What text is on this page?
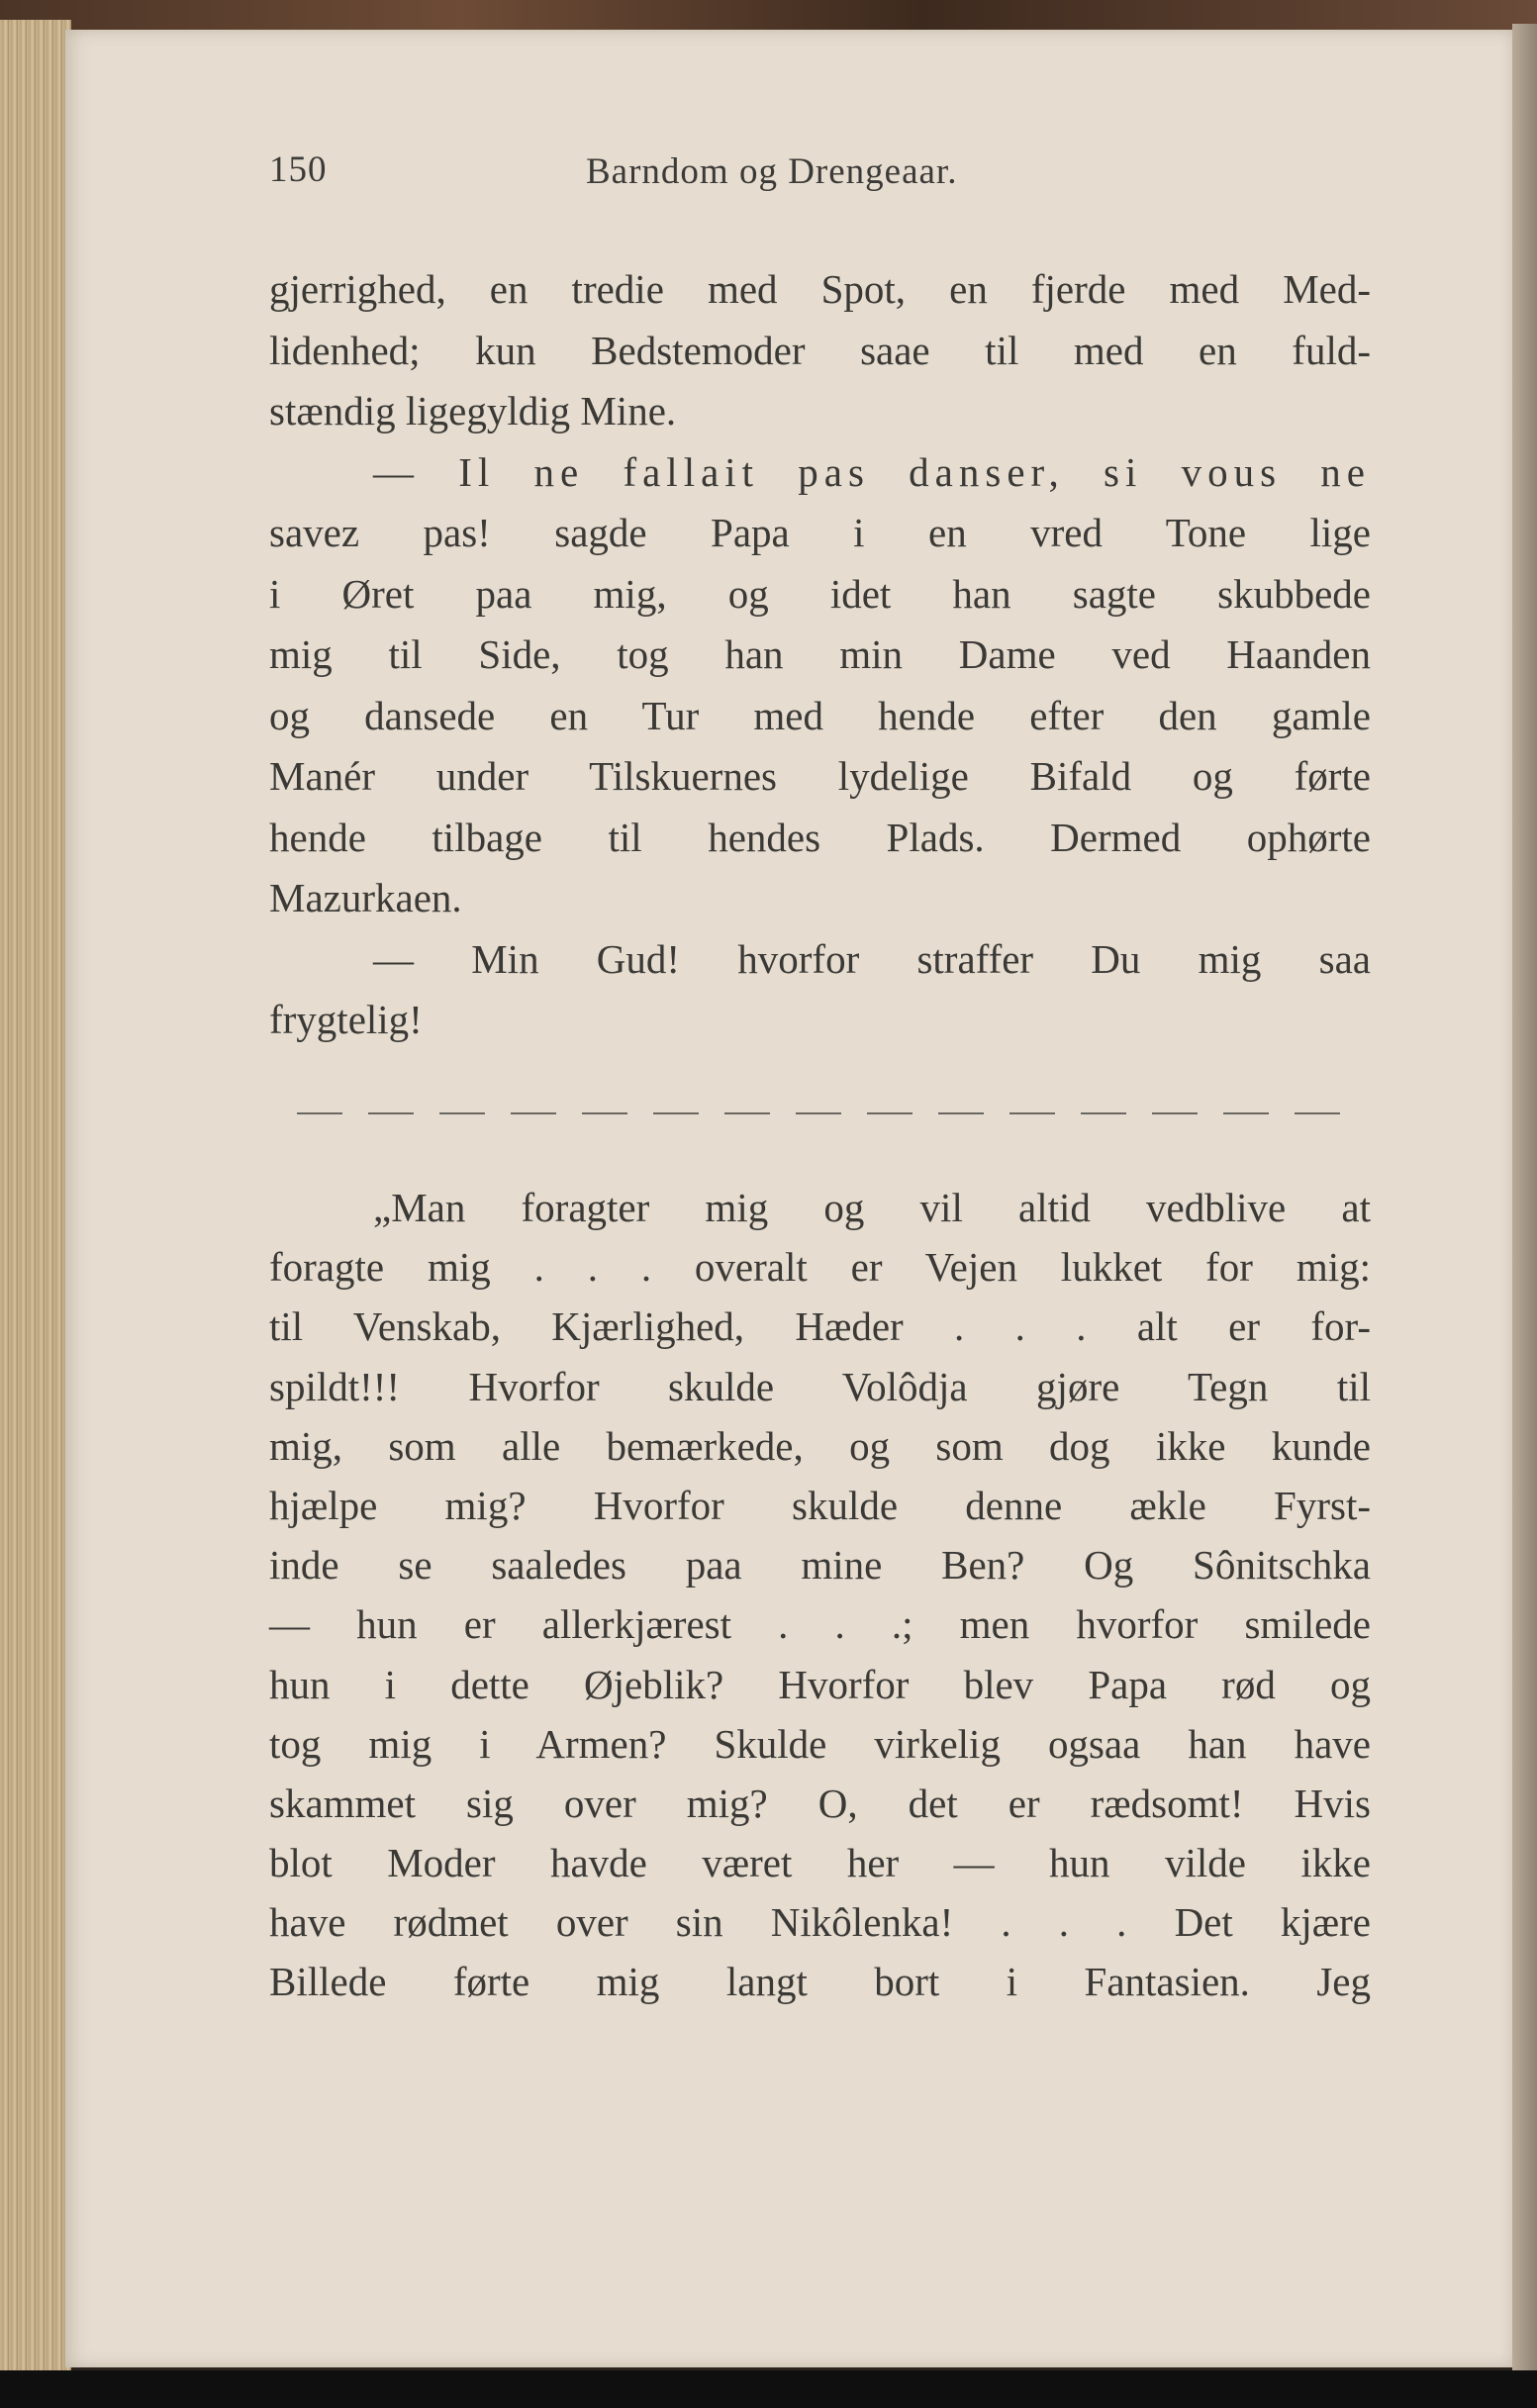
150	Barndom og Drengeaar.
gjerrighed, en tredie med Spot, en fjerde med Med-
lidenhed; kun Bedstemoder saae til med en fuld-
stændig ligegyldig Mine.
— Il ne fallait pas danser, si vous ne
savez pas! sagde Papa i en vred Tone lige
i Øret paa mig, og idet han sagte skubbede
mig til Side, tog han min Dame ved Haanden
og dansede en Tur med hende efter den gamle
Manér under Tilskuernes lydelige Bifald og førte
hende tilbage til hendes Plads. Dermed ophørte
Mazurkaen.
— Min Gud! hvorfor straffer Du mig saa
frygtelig!
„Man foragter mig og vil altid vedblive at
foragte mig . . . overalt er Vejen lukket for mig:
til Venskab, Kjærlighed, Hæder . . . alt er for-
spildt!!! Hvorfor skulde Volôdja gjøre Tegn til
mig, som alle bemærkede, og som dog ikke kunde
hjælpe mig? Hvorfor skulde denne ækle Fyrst-
inde se saaledes paa mine Ben? Og Sônitschka
— hun er allerkjærest . . .; men hvorfor smilede
hun i dette Øjeblik? Hvorfor blev Papa rød og
tog mig i Armen? Skulde virkelig ogsaa han have
skammet sig over mig? O, det er rædsomt! Hvis
blot Moder havde været her — hun vilde ikke
have rødmet over sin Nikôlenka! . . . Det kjære
Billede førte mig langt bort i Fantasien. Jeg
